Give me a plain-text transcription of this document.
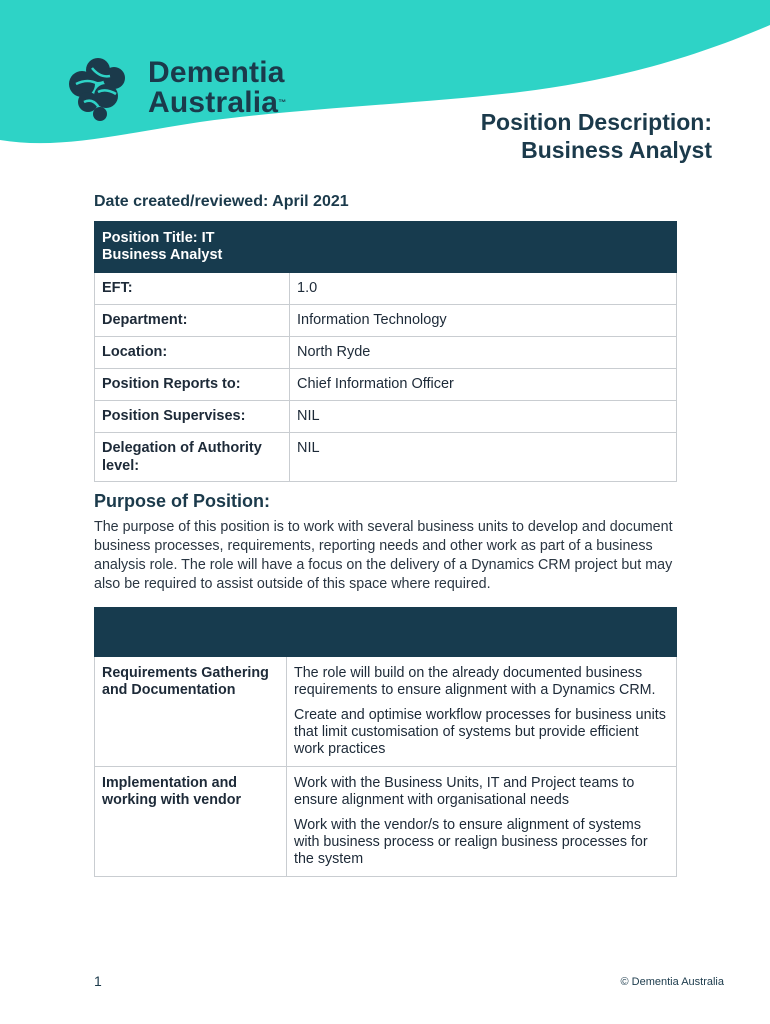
Dementia
Australia™
Position Description:
Business Analyst
Date created/reviewed: April 2021
Position Title: IT
Business Analyst	

EFT:	1.0
Department:	Information Technology
Location:	North Ryde
Position Reports to:	Chief Information Officer
Position Supervises:	NIL
Delegation of Authority level:	NIL
Purpose of Position:

The purpose of this position is to work with several business units to develop and document business processes, requirements, reporting needs and other work as part of a business analysis role. The role will have a focus on the delivery of a Dynamics CRM project but may also be required to assist outside of this space where required.

Requirements Gathering and Documentation	The role will build on the already documented business requirements to ensure alignment with a Dynamics CRM.

Create and optimise workflow processes for business units that limit customisation of systems but provide efficient work practices

Implementation and working with vendor	Work with the Business Units, IT and Project teams to ensure alignment with organisational needs

Work with the vendor/s to ensure alignment of systems with business process or realign business processes for the system

1	© Dementia Australia
